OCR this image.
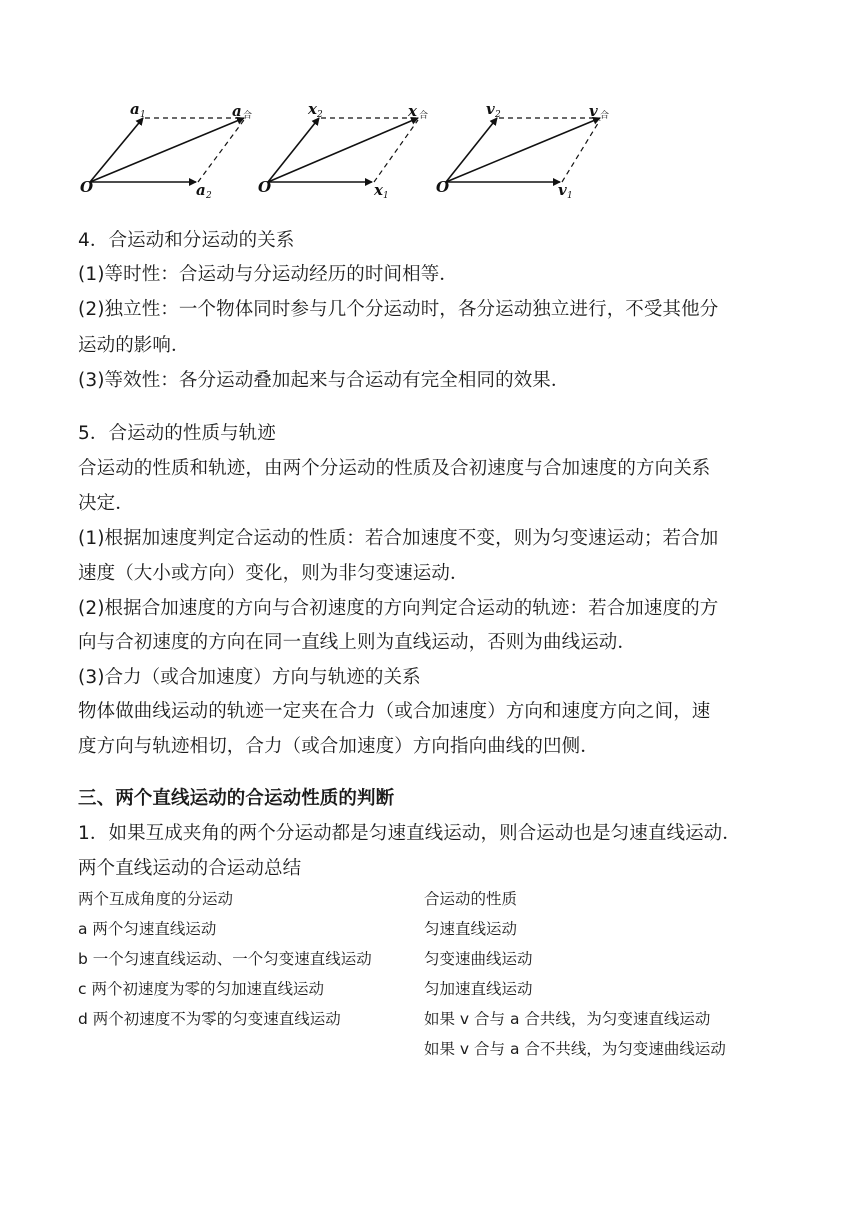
O
a 1
a 2
a 合
O
x 2
x 1
x 合
O
v 2
v 1
v 合
4．合运动和分运动的关系
(1)等时性：合运动与分运动经历的时间相等．
(2)独立性：一个物体同时参与几个分运动时，各分运动独立进行，不受其他分
运动的影响．
(3)等效性：各分运动叠加起来与合运动有完全相同的效果．
5．合运动的性质与轨迹
合运动的性质和轨迹，由两个分运动的性质及合初速度与合加速度的方向关系
决定．
(1)根据加速度判定合运动的性质：若合加速度不变，则为匀变速运动；若合加
速度（大小或方向）变化，则为非匀变速运动．
(2)根据合加速度的方向与合初速度的方向判定合运动的轨迹：若合加速度的方
向与合初速度的方向在同一直线上则为直线运动，否则为曲线运动．
(3)合力（或合加速度）方向与轨迹的关系
物体做曲线运动的轨迹一定夹在合力（或合加速度）方向和速度方向之间，速
度方向与轨迹相切，合力（或合加速度）方向指向曲线的凹侧．
三、两个直线运动的合运动性质的判断
1．如果互成夹角的两个分运动都是匀速直线运动，则合运动也是匀速直线运动．
两个直线运动的合运动总结
两个互成角度的分运动	合运动的性质
a 两个匀速直线运动	匀速直线运动
b 一个匀速直线运动、一个匀变速直线运动	匀变速曲线运动
c 两个初速度为零的匀加速直线运动	匀加速直线运动
d 两个初速度不为零的匀变速直线运动	如果 v 合与 a 合共线，为匀变速直线运动
如果 v 合与 a 合不共线，为匀变速曲线运动
